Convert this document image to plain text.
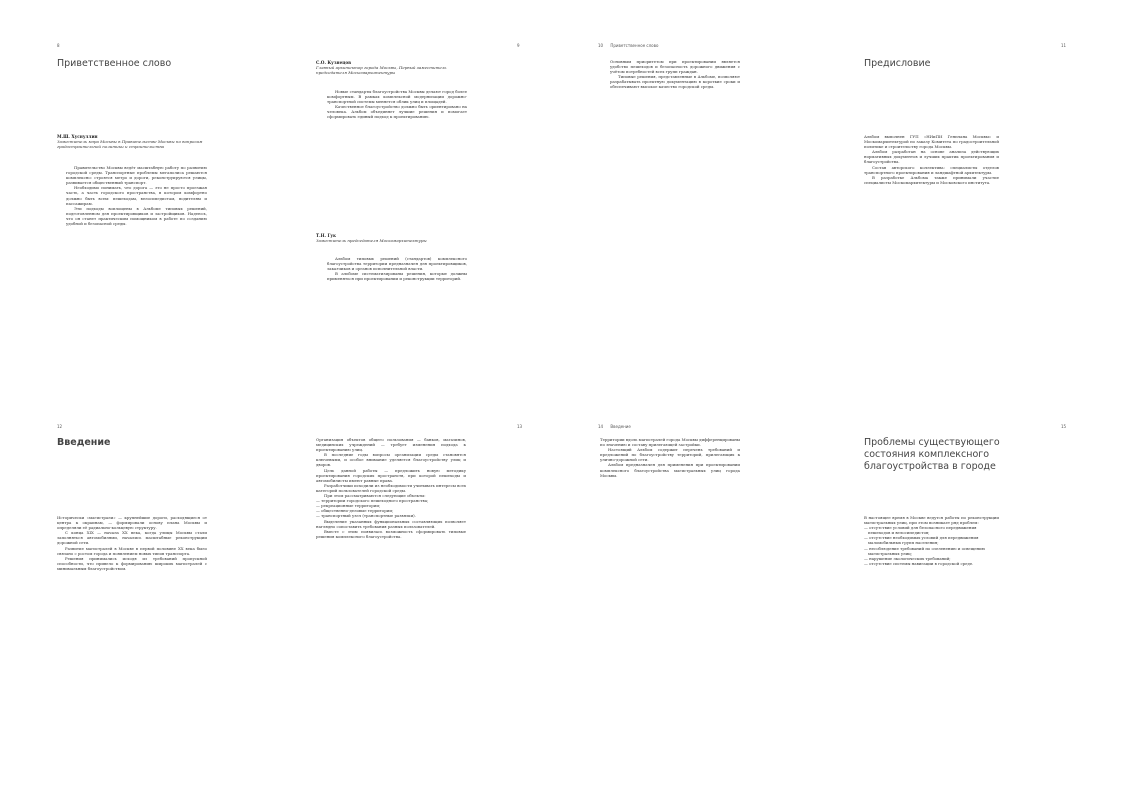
8
Приветственное слово
М.Ш. Хуснуллин
Заместитель мэра Москвы в Правительстве Москвы по вопросам градостроительной политики и строительства

Правительство Москвы ведёт масштабную работу по развитию городской среды. Транспортные проблемы мегаполиса решаются комплексно: строятся метро и дороги, реконструируются улицы, развивается общественный транспорт.

Необходимо понимать, что дорога — это не просто проезжая часть, а часть городского пространства, в котором комфортно должно быть всем: пешеходам, велосипедистам, водителям и пассажирам.

Эти подходы воплощены в Альбоме типовых решений, подготовленном для проектировщиков и застройщиков. Надеюсь, что он станет практическим помощником в работе по созданию удобной и безопасной среды.

9
С.О. Кузнецов
Главный архитектор города Москвы, Первый заместитель председателя Москомархитектуры

Новые стандарты благоустройства Москвы делают город более комфортным. В рамках комплексной модернизации дорожно-транспортной системы меняется облик улиц и площадей.

Качественное благоустройство должно быть ориентировано на человека. Альбом объединяет лучшие решения и помогает сформировать единый подход к проектированию.

Т.Н. Гук
Заместитель председателя Москомархитектуры

Альбом типовых решений (стандартов) комплексного благоустройства территории предназначен для проектировщиков, заказчиков и органов исполнительной власти.

В альбоме систематизированы решения, которые должны применяться при проектировании и реконструкции территорий.

10 Приветственное слово

Основным приоритетом при проектировании является удобство пешеходов и безопасность дорожного движения с учётом потребностей всех групп граждан.

Типовые решения, представленные в Альбоме, позволяют разрабатывать проектную документацию в короткие сроки и обеспечивают высокое качество городской среды.

11
Предисловие

Альбом выполнен ГУП «НИиПИ Генплана Москвы» и Москомархитектурой по заказу Комитета по градостроительной политике и строительству города Москвы.

Альбом разработан на основе анализа действующих нормативных документов и лучших практик проектирования и благоустройства.

Состав авторского коллектива: специалисты отделов транспортного проектирования и ландшафтной архитектуры.

В разработке Альбома также принимали участие специалисты Москомархитектуры и Московского института.

12
Введение

Исторически «магистрали» — крупнейшие дороги, расходящиеся от центра к окраинам, — формировали основу плана Москвы и определяли её радиально-кольцевую структуру.

С конца XIX — начала XX века, когда улицы Москвы стали заполняться автомобилями, начались масштабные реконструкции дорожной сети.

Развитие магистралей в Москве в первой половине XX века было связано с ростом города и появлением новых типов транспорта.

Решения принимались исходя из требований пропускной способности, что привело к формированию широких магистралей с минимальным благоустройством.

13

Организация объектов общего пользования — банков, магазинов, медицинских учреждений — требует изменения подхода к проектированию улиц.

В последние годы вопросы организации среды становятся ключевыми, и особое внимание уделяется благоустройству улиц и дворов.

Цель данной работы — предложить новую методику проектирования городских пространств, при которой пешеходы и автомобилисты имеют равные права.

Разработчики исходили из необходимости учитывать интересы всех категорий пользователей городской среды.

При этом рассматриваются следующие объекты:

— территории городского пешеходного пространства;
— рекреационные территории;
— общественно-деловые территории;
— транспортный узел (транспортные развязки).

Выделение указанных функциональных составляющих позволяет наглядно сопоставить требования разных пользователей.

Вместе с этим появилась возможность сформировать типовые решения комплексного благоустройства.

14 Введение

Территории вдоль магистралей города Москвы дифференцированы по значению и составу прилегающей застройки.

Настоящий Альбом содержит перечень требований и предложений по благоустройству территорий, прилегающих к улично-дорожной сети.

Альбом предназначен для применения при проектировании комплексного благоустройства магистральных улиц города Москвы.

15
Проблемы существующего
состояния комплексного
благоустройства в городе

В настоящее время в Москве ведутся работы по реконструкции магистральных улиц, при этом возникает ряд проблем:

— отсутствие условий для безопасного передвижения пешеходов и велосипедистов;
— отсутствие необходимых условий для передвижения маломобильных групп населения;
— несоблюдение требований по озеленению и освещению магистральных улиц;
— нарушение экологических требований;
— отсутствие системы навигации в городской среде.
